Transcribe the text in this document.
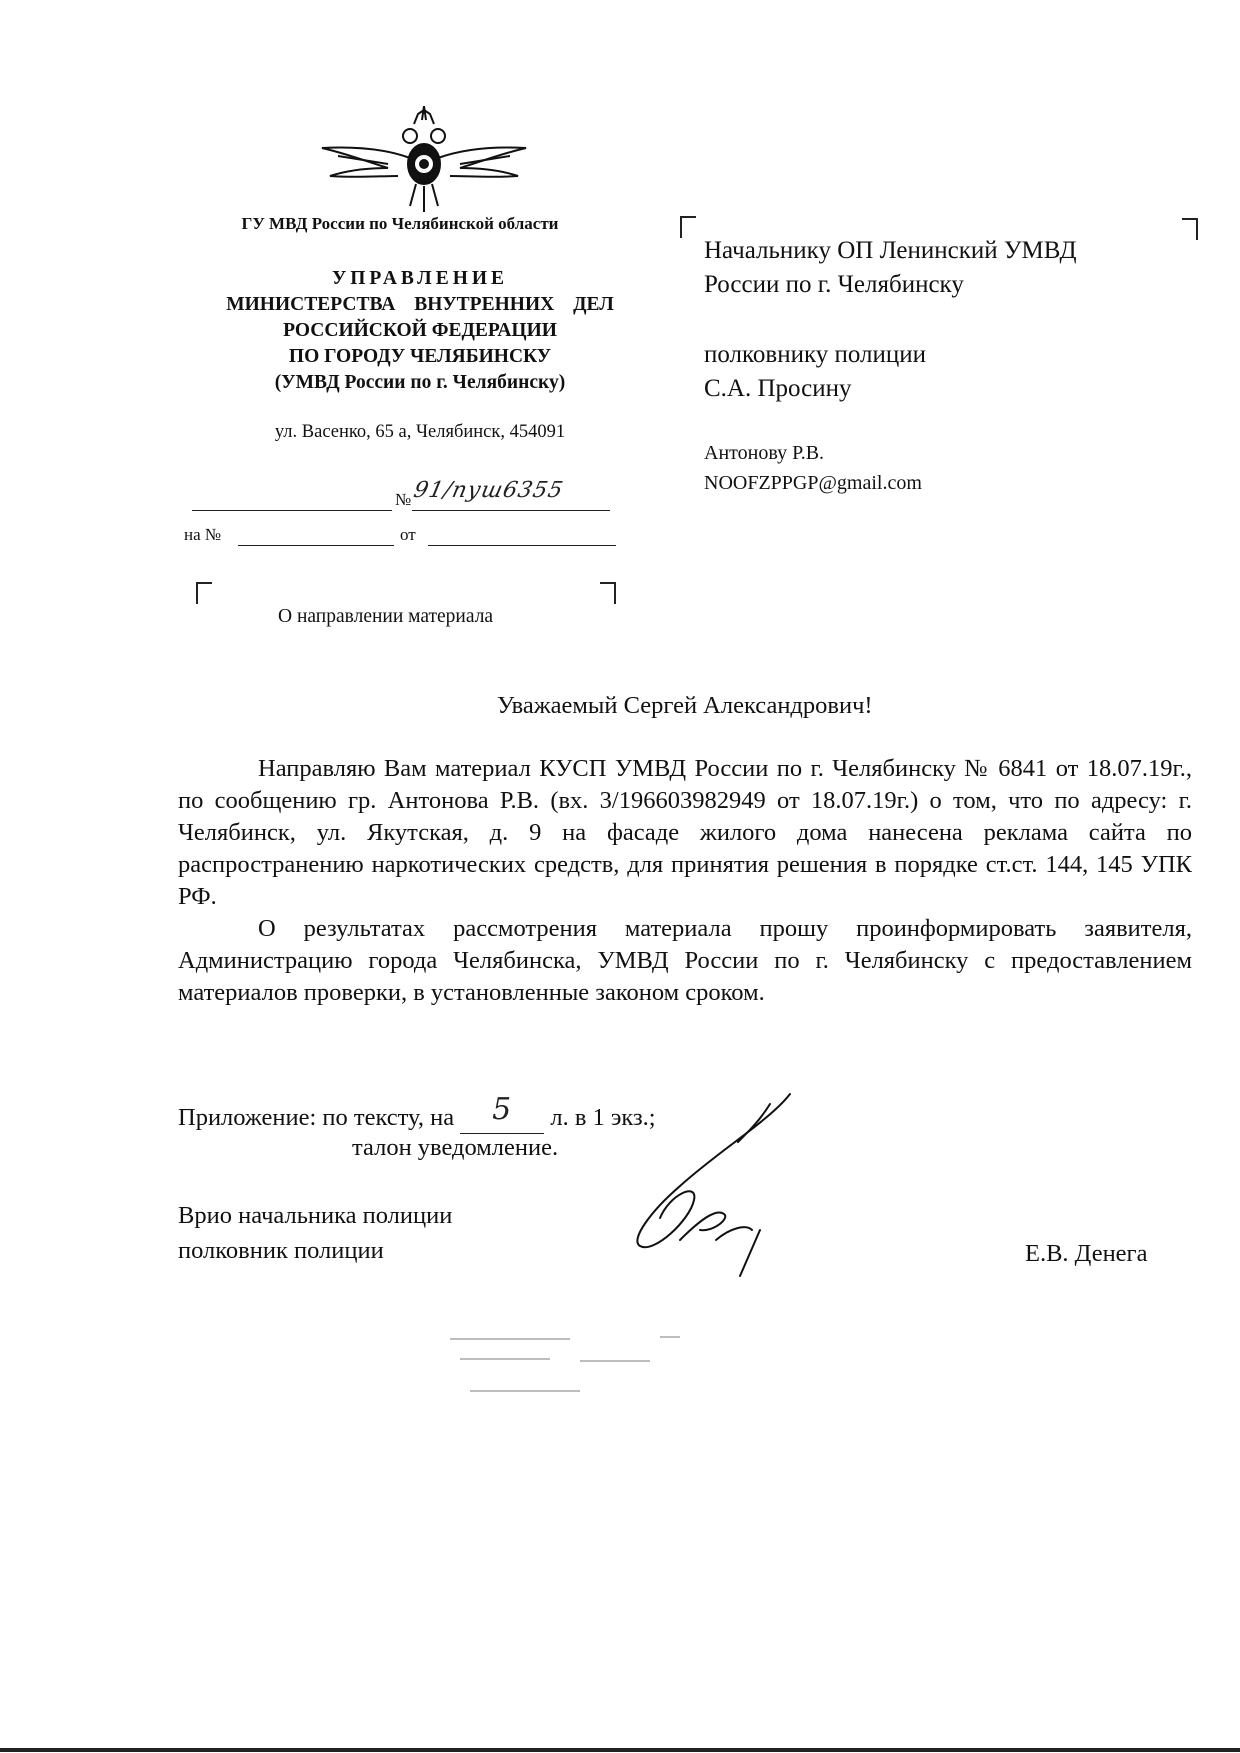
ГУ МВД России по Челябинской области
УПРАВЛЕНИЕ
МИНИСТЕРСТВА ВНУТРЕННИХ ДЕЛ
РОССИЙСКОЙ ФЕДЕРАЦИИ
ПО ГОРОДУ ЧЕЛЯБИНСКУ
(УМВД России по г. Челябинску)
ул. Васенко, 65 а, Челябинск, 454091
№ 91/пуш6355
на №	от
О направлении материала
Начальнику ОП Ленинский УМВД
России по г. Челябинску
полковнику полиции
С.А. Просину
Антонову Р.В.
NOOFZPPGP@gmail.com
Уважаемый Сергей Александрович!

Направляю Вам материал КУСП УМВД России по г. Челябинску № 6841 от 18.07.19г., по сообщению гр. Антонова Р.В. (вх. 3/196603982949 от 18.07.19г.) о том, что по адресу: г. Челябинск, ул. Якутская, д. 9 на фасаде жилого дома нанесена реклама сайта по распространению наркотических средств, для принятия решения в порядке ст.ст. 144, 145 УПК РФ.

О результатах рассмотрения материала прошу проинформировать заявителя, Администрацию города Челябинска, УМВД России по г. Челябинску с предоставлением материалов проверки, в установленные законом сроком.

Приложение: по тексту, на 5 л. в 1 экз.;
талон уведомление.
Врио начальника полиции
полковник полиции	Е.В. Денега
